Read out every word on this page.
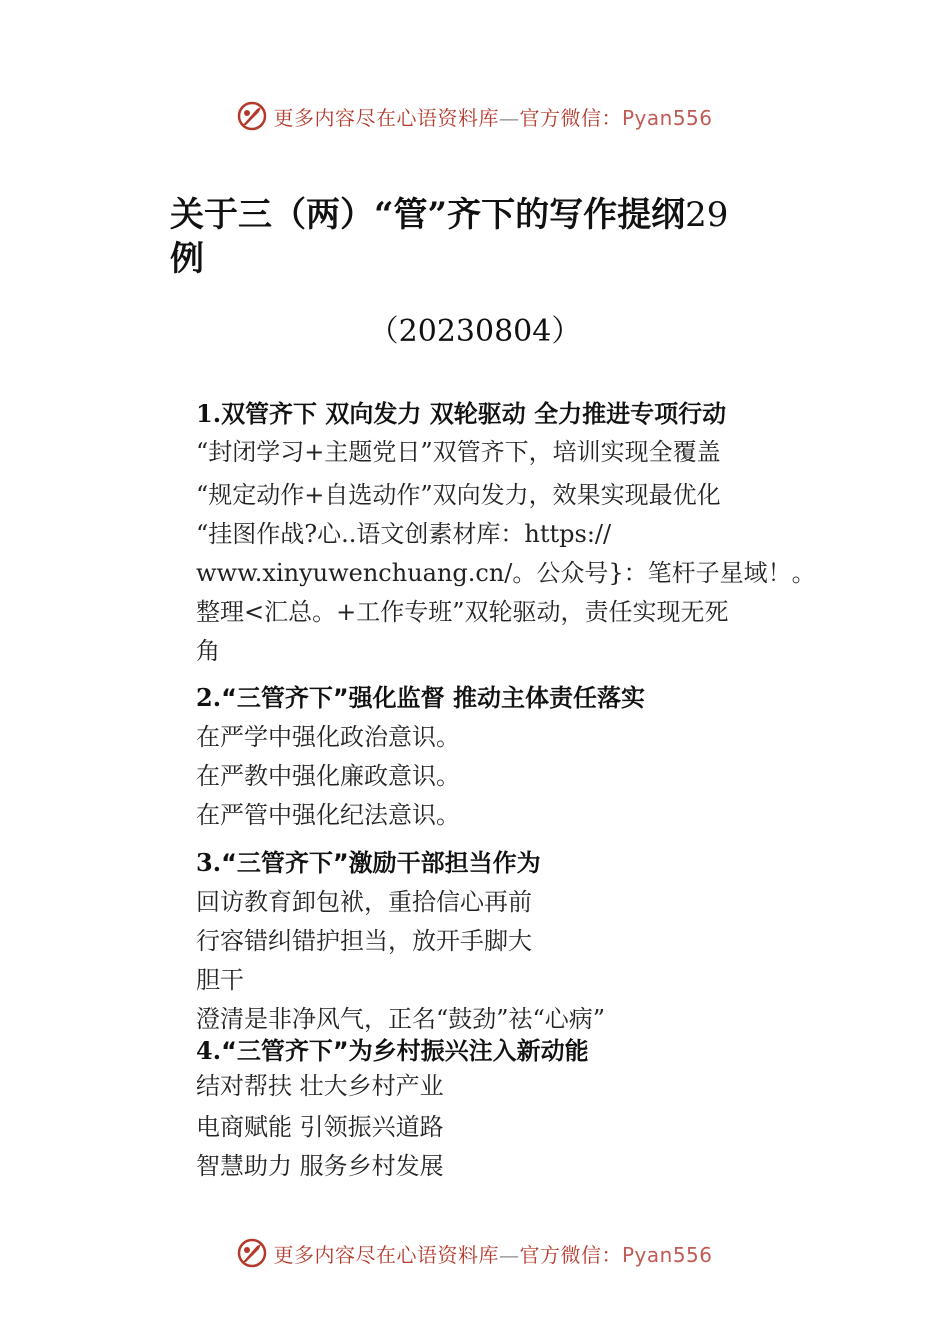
更多内容尽在心语资料库—官方微信：Pyan556
关于三（两）“管”齐下的写作提纲29
例
（20230804）
1.双管齐下 双向发力 双轮驱动 全力推进专项行动
“封闭学习+主题党日”双管齐下，培训实现全覆盖
“规定动作+自选动作”双向发力，效果实现最优化
“挂图作战?心..语文创素材库：https://
www.xinyuwenchuang.cn/。公众号}：笔杆子星域！。
整理<汇总。+工作专班”双轮驱动，责任实现无死
角
2.“三管齐下”强化监督 推动主体责任落实
在严学中强化政治意识。
在严教中强化廉政意识。
在严管中强化纪法意识。
3.“三管齐下”激励干部担当作为
回访教育卸包袱，重拾信心再前
行容错纠错护担当，放开手脚大
胆干
澄清是非净风气，正名“鼓劲”祛“心病”
4.“三管齐下”为乡村振兴注入新动能
结对帮扶 壮大乡村产业
电商赋能 引领振兴道路
智慧助力 服务乡村发展
更多内容尽在心语资料库—官方微信：Pyan556
